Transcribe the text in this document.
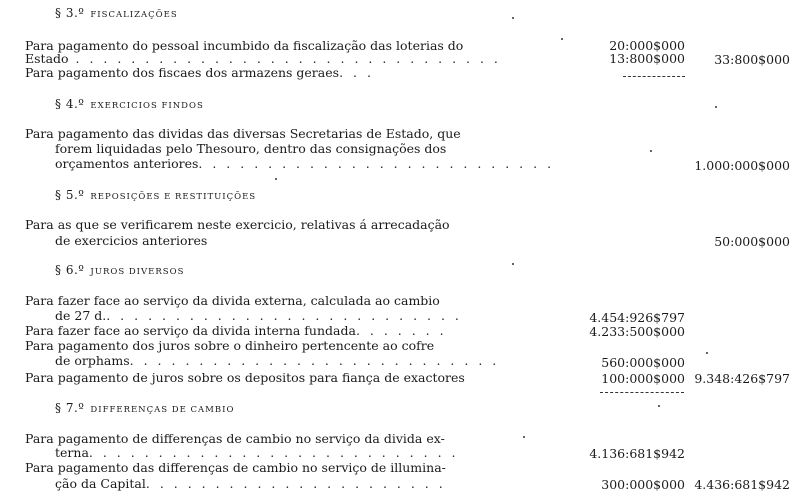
§ 3.º FISCALIZAÇÕES
Para pagamento do pessoal incumbido da fiscalização das loterias do	20:000$000
Estado . . .	13:800$000	33:800$000
Para pagamento dos fiscaes dos armazens geraes. . .
§ 4.º EXERCICIOS FINDOS
Para pagamento das dividas das diversas Secretarias de Estado, que
forem liquidadas pelo Thesouro, dentro das consignações dos
orçamentos anteriores . . .	1.000:000$000
§ 5.º REPOSIÇÕES E RESTITUIÇÕES
Para as que se verificarem neste exercicio, relativas á arrecadação
de exercicios anteriores	50:000$000
§ 6.º JUROS DIVERSOS
Para fazer face ao serviço da divida externa, calculada ao cambio
de 27 d. . . .	4.454:926$797
Para fazer face ao serviço da divida interna fundada . . .	4.233:500$000
Para pagamento dos juros sobre o dinheiro pertencente ao cofre
de orphams . . .	560:000$000
Para pagamento de juros sobre os depositos para fiança de exactores	100:000$000 9.348:426$797
§ 7.º DIFFERENÇAS DE CAMBIO
Para pagamento de differenças de cambio no serviço da divida ex-
terna . . .	4.136:681$942
Para pagamento das differenças de cambio no serviço de illumina-
ção da Capital . . .	300:000$000 4.436:681$942
